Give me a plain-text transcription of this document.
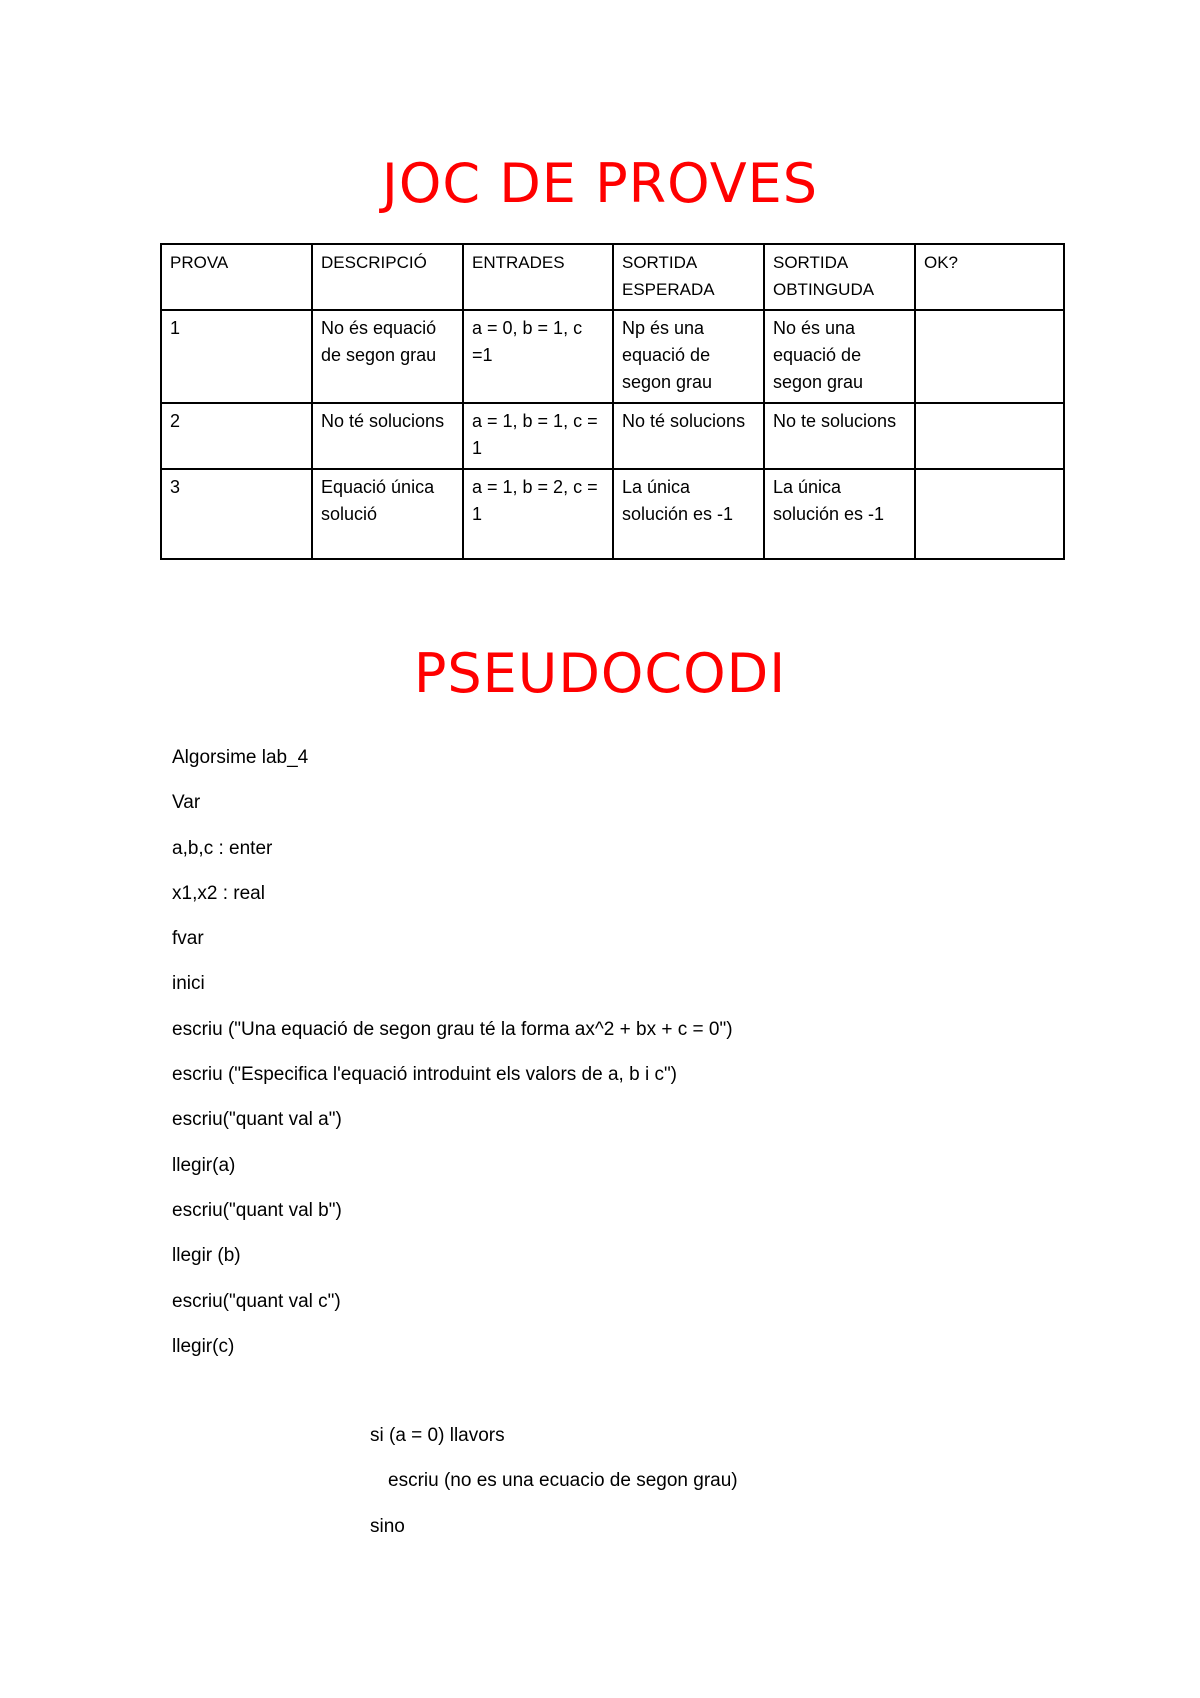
JOC DE PROVES
PROVA	DESCRIPCIÓ	ENTRADES	SORTIDA ESPERADA	SORTIDA OBTINGUDA	OK?
1	No és equació de segon grau	a = 0, b = 1, c =1	Np és una equació de segon grau	No és una equació de segon grau	
2	No té solucions	a = 1, b = 1, c = 1	No té solucions	No te solucions	
3	Equació única solució	a = 1, b = 2, c = 1	La única solución es -1	La única solución es -1	
PSEUDOCODI
Algorsime lab_4
Var
a,b,c : enter
x1,x2 : real
fvar
inici
escriu ("Una equació de segon grau té la forma ax^2 + bx + c = 0")
escriu ("Especifica l'equació introduint els valors de a, b i c")
escriu("quant val a")
llegir(a)
escriu("quant val b")
llegir (b)
escriu("quant val c")
llegir(c)
si (a = 0) llavors
escriu (no es una ecuacio de segon grau)
sino
